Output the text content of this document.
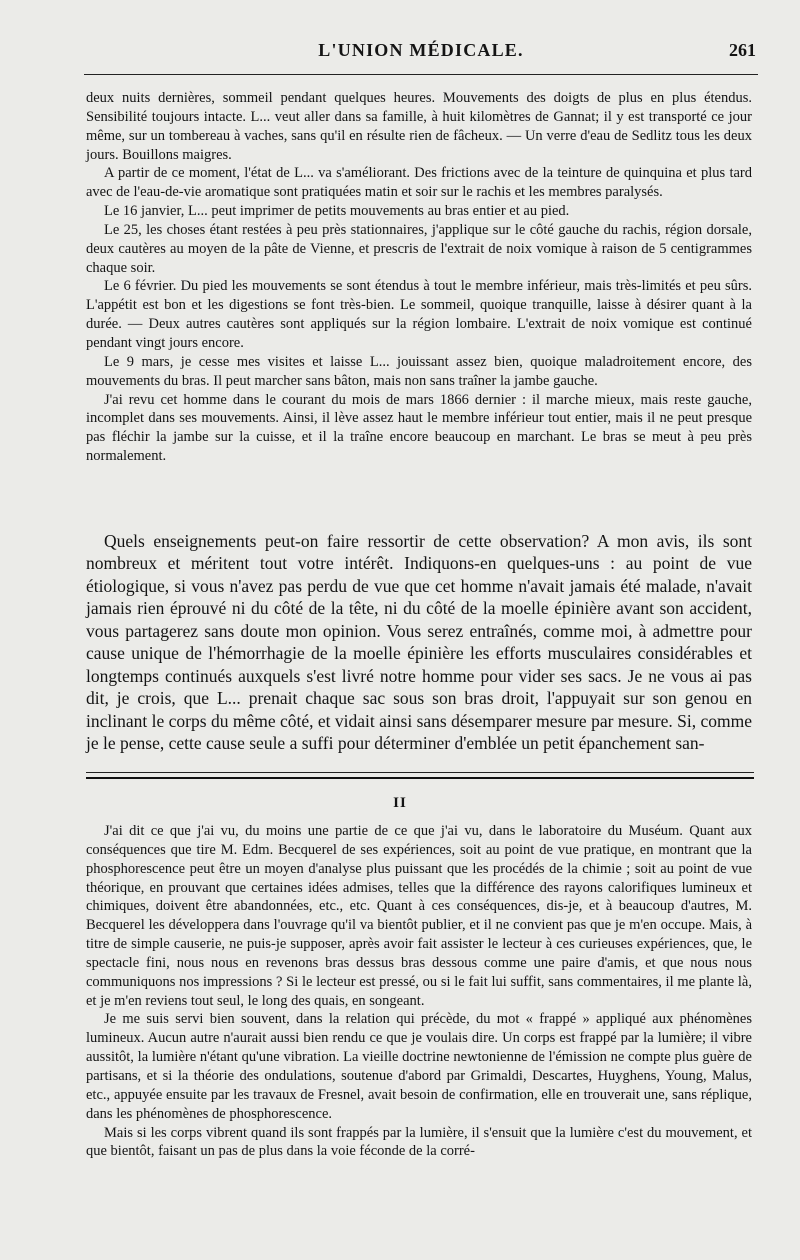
L'UNION MÉDICALE.	261

deux nuits dernières, sommeil pendant quelques heures. Mouvements des doigts de plus en plus étendus. Sensibilité toujours intacte. L... veut aller dans sa famille, à huit kilomètres de Gannat; il y est transporté ce jour même, sur un tombereau à vaches, sans qu'il en résulte rien de fâcheux. — Un verre d'eau de Sedlitz tous les deux jours. Bouillons maigres.

A partir de ce moment, l'état de L... va s'améliorant. Des frictions avec de la teinture de quinquina et plus tard avec de l'eau-de-vie aromatique sont pratiquées matin et soir sur le rachis et les membres paralysés.

Le 16 janvier, L... peut imprimer de petits mouvements au bras entier et au pied.

Le 25, les choses étant restées à peu près stationnaires, j'applique sur le côté gauche du rachis, région dorsale, deux cautères au moyen de la pâte de Vienne, et prescris de l'extrait de noix vomique à raison de 5 centigrammes chaque soir.

Le 6 février. Du pied les mouvements se sont étendus à tout le membre inférieur, mais très-limités et peu sûrs. L'appétit est bon et les digestions se font très-bien. Le sommeil, quoique tranquille, laisse à désirer quant à la durée. — Deux autres cautères sont appliqués sur la région lombaire. L'extrait de noix vomique est continué pendant vingt jours encore.

Le 9 mars, je cesse mes visites et laisse L... jouissant assez bien, quoique maladroitement encore, des mouvements du bras. Il peut marcher sans bâton, mais non sans traîner la jambe gauche.

J'ai revu cet homme dans le courant du mois de mars 1866 dernier : il marche mieux, mais reste gauche, incomplet dans ses mouvements. Ainsi, il lève assez haut le membre inférieur tout entier, mais il ne peut presque pas fléchir la jambe sur la cuisse, et il la traîne encore beaucoup en marchant. Le bras se meut à peu près normalement.

Quels enseignements peut-on faire ressortir de cette observation? A mon avis, ils sont nombreux et méritent tout votre intérêt. Indiquons-en quelques-uns : au point de vue étiologique, si vous n'avez pas perdu de vue que cet homme n'avait jamais été malade, n'avait jamais rien éprouvé ni du côté de la tête, ni du côté de la moelle épinière avant son accident, vous partagerez sans doute mon opinion. Vous serez entraînés, comme moi, à admettre pour cause unique de l'hémorrhagie de la moelle épinière les efforts musculaires considérables et longtemps continués auxquels s'est livré notre homme pour vider ses sacs. Je ne vous ai pas dit, je crois, que L... prenait chaque sac sous son bras droit, l'appuyait sur son genou en inclinant le corps du même côté, et vidait ainsi sans désemparer mesure par mesure. Si, comme je le pense, cette cause seule a suffi pour déterminer d'emblée un petit épanchement san-

II

J'ai dit ce que j'ai vu, du moins une partie de ce que j'ai vu, dans le laboratoire du Muséum. Quant aux conséquences que tire M. Edm. Becquerel de ses expériences, soit au point de vue pratique, en montrant que la phosphorescence peut être un moyen d'analyse plus puissant que les procédés de la chimie ; soit au point de vue théorique, en prouvant que certaines idées admises, telles que la différence des rayons calorifiques lumineux et chimiques, doivent être abandonnées, etc., etc. Quant à ces conséquences, dis-je, et à beaucoup d'autres, M. Becquerel les développera dans l'ouvrage qu'il va bientôt publier, et il ne convient pas que je m'en occupe. Mais, à titre de simple causerie, ne puis-je supposer, après avoir fait assister le lecteur à ces curieuses expériences, que, le spectacle fini, nous nous en revenons bras dessus bras dessous comme une paire d'amis, et que nous nous communiquons nos impressions ? Si le lecteur est pressé, ou si le fait lui suffit, sans commentaires, il me plante là, et je m'en reviens tout seul, le long des quais, en songeant.

Je me suis servi bien souvent, dans la relation qui précède, du mot « frappé » appliqué aux phénomènes lumineux. Aucun autre n'aurait aussi bien rendu ce que je voulais dire. Un corps est frappé par la lumière; il vibre aussitôt, la lumière n'étant qu'une vibration. La vieille doctrine newtonienne de l'émission ne compte plus guère de partisans, et si la théorie des ondulations, soutenue d'abord par Grimaldi, Descartes, Huyghens, Young, Malus, etc., appuyée ensuite par les travaux de Fresnel, avait besoin de confirmation, elle en trouverait une, sans réplique, dans les phénomènes de phosphorescence.

Mais si les corps vibrent quand ils sont frappés par la lumière, il s'ensuit que la lumière c'est du mouvement, et que bientôt, faisant un pas de plus dans la voie féconde de la corré-
